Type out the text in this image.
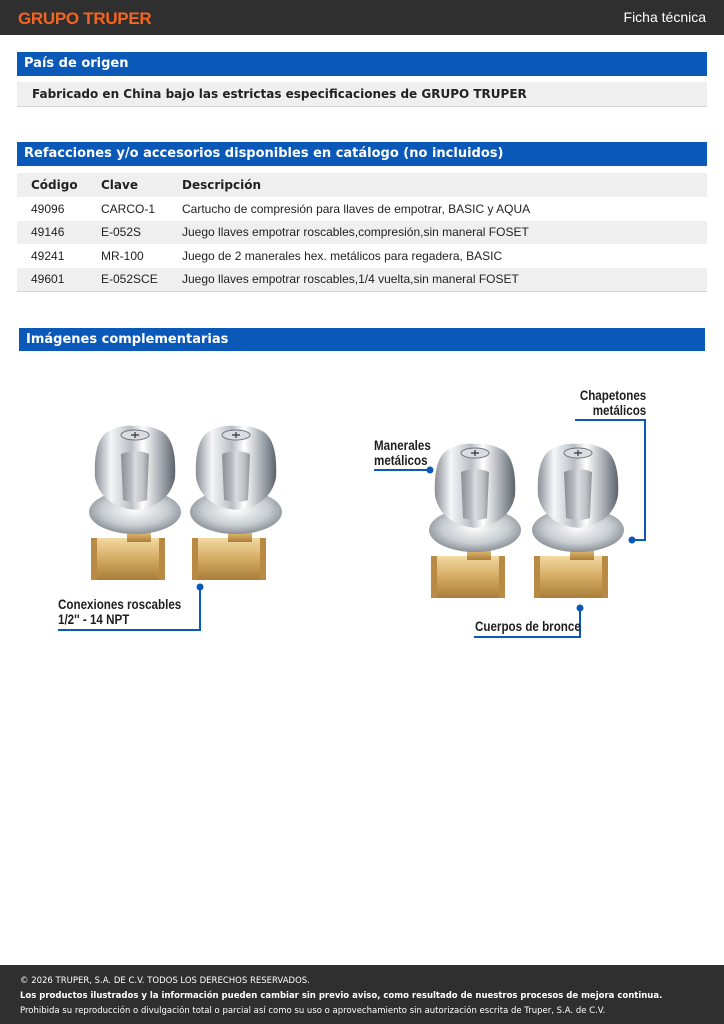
GRUPO TRUPER	Ficha técnica
País de origen
Fabricado en China bajo las estrictas especificaciones de GRUPO TRUPER
Refacciones y/o accesorios disponibles en catálogo (no incluidos)
Código	Clave	Descripción
49096	CARCO-1	Cartucho de compresión para llaves de empotrar, BASIC y AQUA
49146	E-052S	Juego llaves empotrar roscables,compresión,sin maneral FOSET
49241	MR-100	Juego de 2 manerales hex. metálicos para regadera, BASIC
49601	E-052SCE	Juego llaves empotrar roscables,1/4 vuelta,sin maneral FOSET
Imágenes complementarias
Chapetones
metálicos
Manerales
metálicos
Conexiones roscables
1/2'' - 14 NPT	Cuerpos de bronce
© 2026 TRUPER, S.A. DE C.V. TODOS LOS DERECHOS RESERVADOS.
Los productos ilustrados y la información pueden cambiar sin previo aviso, como resultado de nuestros procesos de mejora continua.
Prohibida su reproducción o divulgación total o parcial así como su uso o aprovechamiento sin autorización escrita de Truper, S.A. de C.V.
